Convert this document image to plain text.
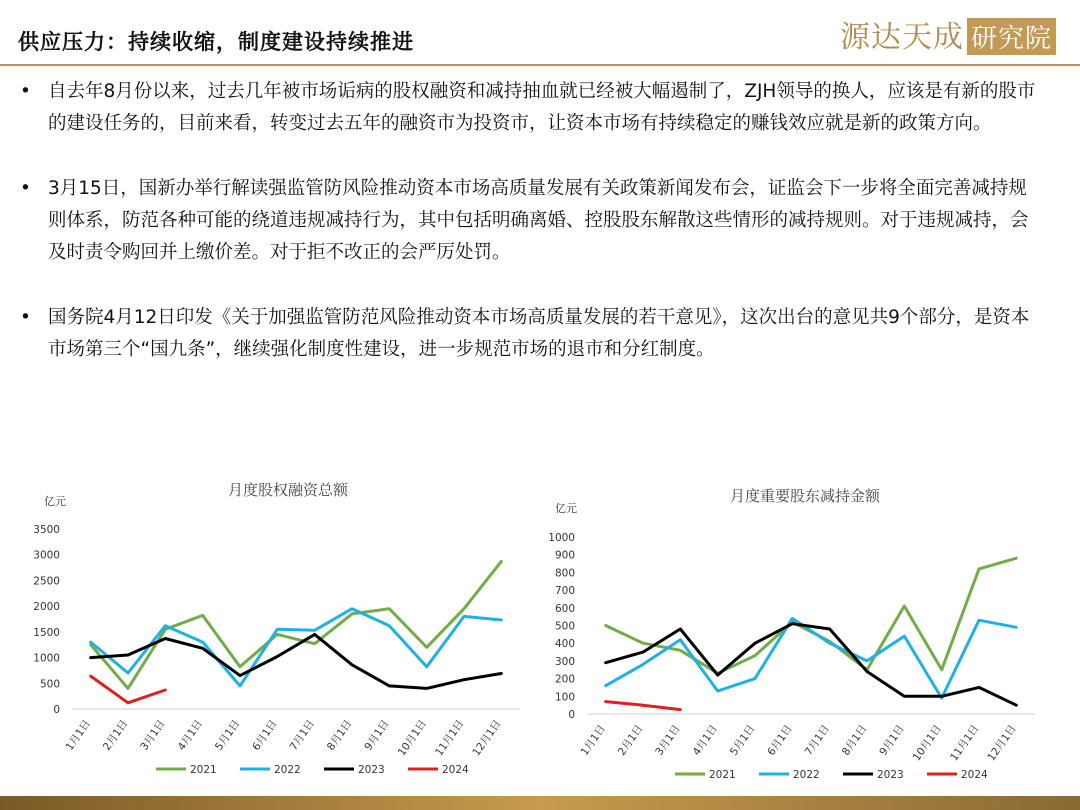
供应压力：持续收缩，制度建设持续推进	源达天成 研究院
• 自去年8月份以来，过去几年被市场诟病的股权融资和减持抽血就已经被大幅遏制了，ZJH领导的换人，应该是有新的股市的建设任务的，目前来看，转变过去五年的融资市为投资市，让资本市场有持续稳定的赚钱效应就是新的政策方向。
• 3月15日，国新办举行解读强监管防风险推动资本市场高质量发展有关政策新闻发布会，证监会下一步将全面完善减持规则体系，防范各种可能的绕道违规减持行为，其中包括明确离婚、控股股东解散这些情形的减持规则。对于违规减持，会及时责令购回并上缴价差。对于拒不改正的会严厉处罚。
• 国务院4月12日印发《关于加强监管防范风险推动资本市场高质量发展的若干意见》，这次出台的意见共9个部分，是资本市场第三个“国九条”，继续强化制度性建设，进一步规范市场的退市和分红制度。
月度股权融资总额
亿元
0
500
1000
1500
2000
2500
3000
3500
1月1日 2月1日 3月1日 4月1日 5月1日 6月1日 7月1日 8月1日 9月1日 10月1日 11月1日 12月1日
2021	2022	2023	2024
月度重要股东减持金额
亿元
0
100
200
300
400
500
600
700
800
900
1000
1月1日 2月1日 3月1日 4月1日 5月1日 6月1日 7月1日 8月1日 9月1日 10月1日 11月1日 12月1日
2021	2022	2023	2024
